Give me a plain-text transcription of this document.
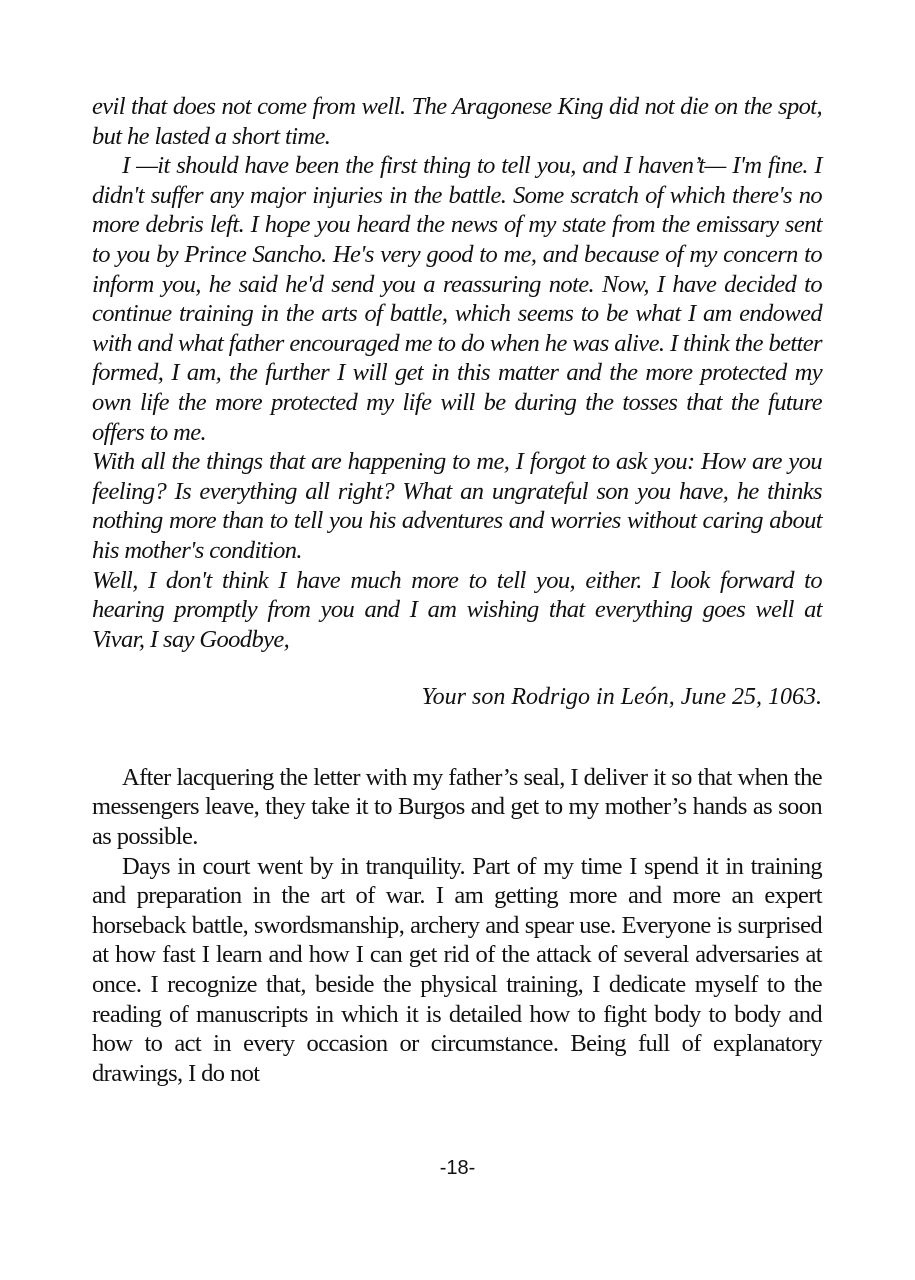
evil that does not come from well. The Aragonese King did not die on the spot, but he lasted a short time.

I —it should have been the first thing to tell you, and I haven’t— I'm fine. I didn't suffer any major injuries in the battle. Some scratch of which there's no more debris left. I hope you heard the news of my state from the emissary sent to you by Prince Sancho. He's very good to me, and because of my concern to inform you, he said he'd send you a reassuring note. Now, I have decided to continue training in the arts of battle, which seems to be what I am endowed with and what father encouraged me to do when he was alive. I think the better formed, I am, the further I will get in this matter and the more protected my own life the more protected my life will be during the tosses that the future offers to me.

With all the things that are happening to me, I forgot to ask you: How are you feeling? Is everything all right? What an ungrateful son you have, he thinks nothing more than to tell you his adventures and worries without caring about his mother's condition.

Well, I don't think I have much more to tell you, either. I look forward to hearing promptly from you and I am wishing that everything goes well at Vivar, I say Goodbye,

Your son Rodrigo in León, June 25, 1063.

After lacquering the letter with my father’s seal, I deliver it so that when the messengers leave, they take it to Burgos and get to my mother’s hands as soon as possible.

Days in court went by in tranquility. Part of my time I spend it in training and preparation in the art of war. I am getting more and more an expert horseback battle, swordsmanship, archery and spear use. Everyone is surprised at how fast I learn and how I can get rid of the attack of several adversaries at once. I recognize that, beside the physical training, I dedicate myself to the reading of manuscripts in which it is detailed how to fight body to body and how to act in every occasion or circumstance. Being full of explanatory drawings, I do not

-18-
